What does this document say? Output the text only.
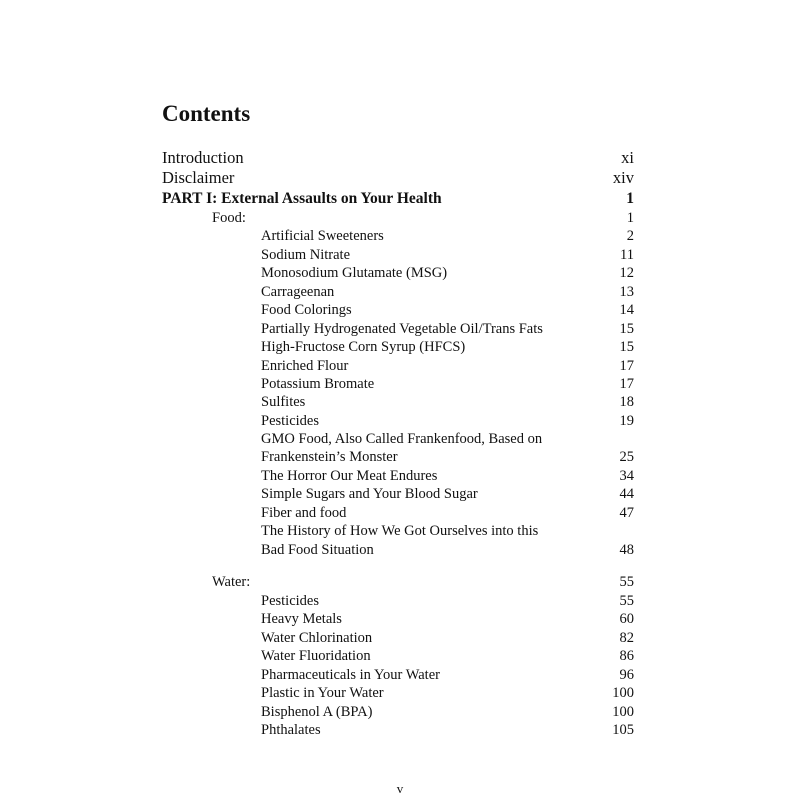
Contents
Introduction	xi
Disclaimer	xiv
PART I: External Assaults on Your Health	1
Food:	1
Artificial Sweeteners	2
Sodium Nitrate	11
Monosodium Glutamate (MSG)	12
Carrageenan	13
Food Colorings	14
Partially Hydrogenated Vegetable Oil/Trans Fats	15
High-Fructose Corn Syrup (HFCS)	15
Enriched Flour	17
Potassium Bromate	17
Sulfites	18
Pesticides	19
GMO Food, Also Called Frankenfood, Based on
Frankenstein’s Monster	25
The Horror Our Meat Endures	34
Simple Sugars and Your Blood Sugar	44
Fiber and food	47
The History of How We Got Ourselves into this
Bad Food Situation	48
Water:	55
Pesticides	55
Heavy Metals	60
Water Chlorination	82
Water Fluoridation	86
Pharmaceuticals in Your Water	96
Plastic in Your Water	100
Bisphenol A (BPA)	100
Phthalates	105
v
